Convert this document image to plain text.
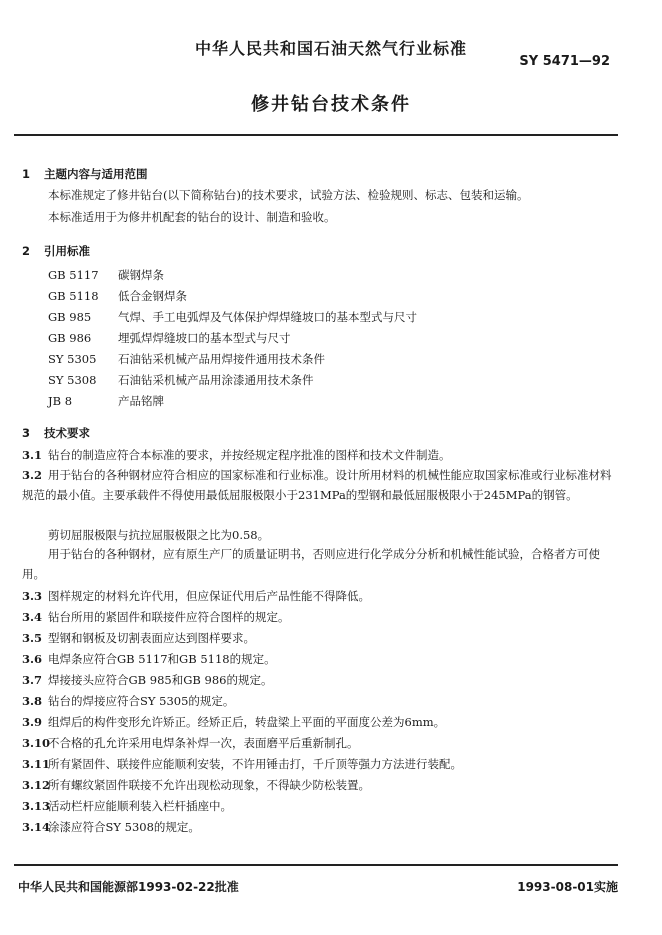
中华人民共和国石油天然气行业标准
SY 5471—92
修井钻台技术条件
1 主题内容与适用范围
本标准规定了修井钻台(以下简称钻台)的技术要求，试验方法、检验规则、标志、包装和运输。
本标准适用于为修井机配套的钻台的设计、制造和验收。
2 引用标准
GB 5117 碳钢焊条
GB 5118 低合金钢焊条
GB 985 气焊、手工电弧焊及气体保护焊焊缝坡口的基本型式与尺寸
GB 986 埋弧焊焊缝坡口的基本型式与尺寸
SY 5305 石油钻采机械产品用焊接件通用技术条件
SY 5308 石油钻采机械产品用涂漆通用技术条件
JB 8	产品铭牌
3 技术要求
3.1 钻台的制造应符合本标准的要求，并按经规定程序批准的图样和技术文件制造。
3.2 用于钻台的各种钢材应符合相应的国家标准和行业标准。设计所用材料的机械性能应取国家标准或行业标准材料规范的最小值。主要承载件不得使用最低屈服极限小于231MPa的型钢和最低屈服极限小于245MPa的钢管。
剪切屈服极限与抗拉屈服极限之比为0.58。
用于钻台的各种钢材，应有原生产厂的质量证明书，否则应进行化学成分分析和机械性能试验，合格者方可使用。
3.3 图样规定的材料允许代用，但应保证代用后产品性能不得降低。
3.4 钻台所用的紧固件和联接件应符合图样的规定。
3.5 型钢和钢板及切割表面应达到图样要求。
3.6 电焊条应符合GB 5117和GB 5118的规定。
3.7 焊接接头应符合GB 985和GB 986的规定。
3.8 钻台的焊接应符合SY 5305的规定。
3.9 组焊后的构件变形允许矫正。经矫正后，转盘梁上平面的平面度公差为6mm。
3.10不合格的孔允许采用电焊条补焊一次，表面磨平后重新制孔。
3.11所有紧固件、联接件应能顺利安装，不许用锤击打，千斤顶等强力方法进行装配。
3.12所有螺纹紧固件联接不允许出现松动现象，不得缺少防松装置。
3.13活动栏杆应能顺利装入栏杆插座中。
3.14涂漆应符合SY 5308的规定。
中华人民共和国能源部1993-02-22批准	1993-08-01实施
